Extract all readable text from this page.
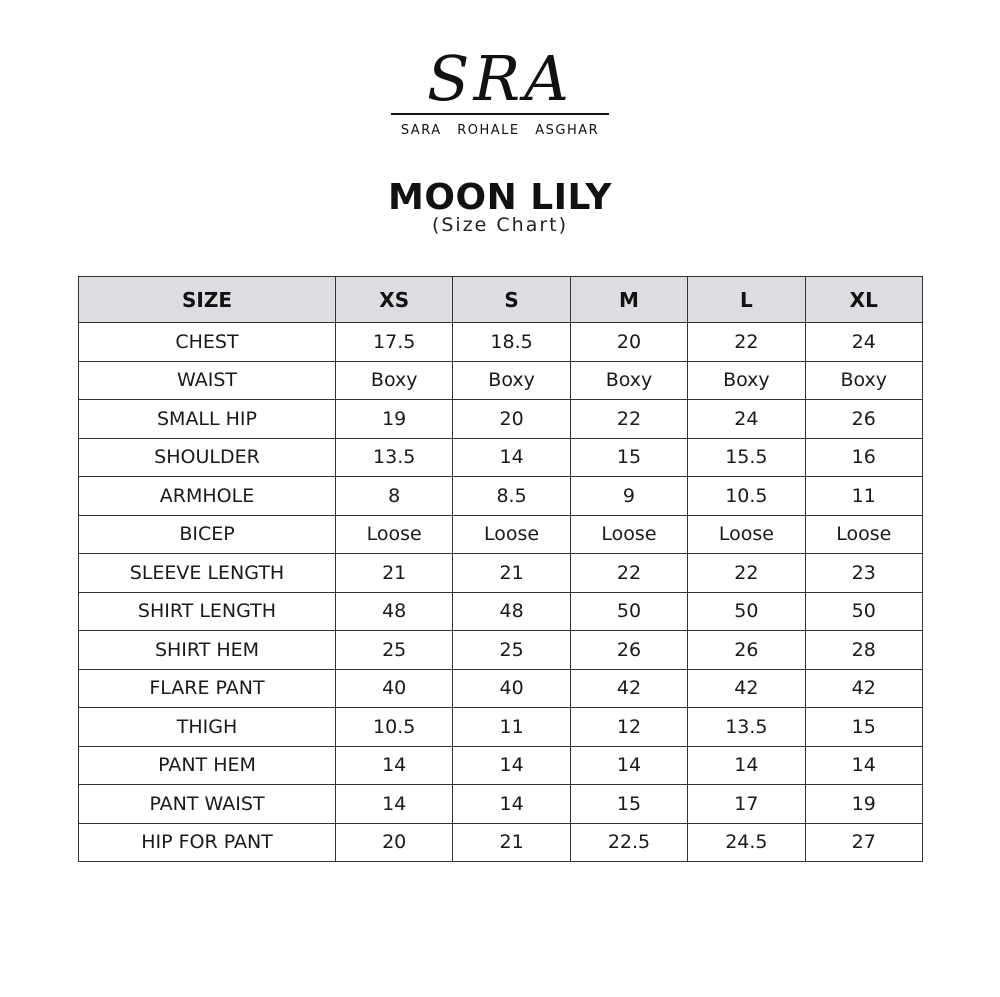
SRA
SARA ROHALE ASGHAR
MOON LILY
(Size Chart)
SIZE	XS	S	M	L	XL
CHEST	17.5	18.5	20	22	24
WAIST	Boxy	Boxy	Boxy	Boxy	Boxy
SMALL HIP	19	20	22	24	26
SHOULDER	13.5	14	15	15.5	16
ARMHOLE	8	8.5	9	10.5	11
BICEP	Loose	Loose	Loose	Loose	Loose
SLEEVE LENGTH	21	21	22	22	23
SHIRT LENGTH	48	48	50	50	50
SHIRT HEM	25	25	26	26	28
FLARE PANT	40	40	42	42	42
THIGH	10.5	11	12	13.5	15
PANT HEM	14	14	14	14	14
PANT WAIST	14	14	15	17	19
HIP FOR PANT	20	21	22.5	24.5	27
